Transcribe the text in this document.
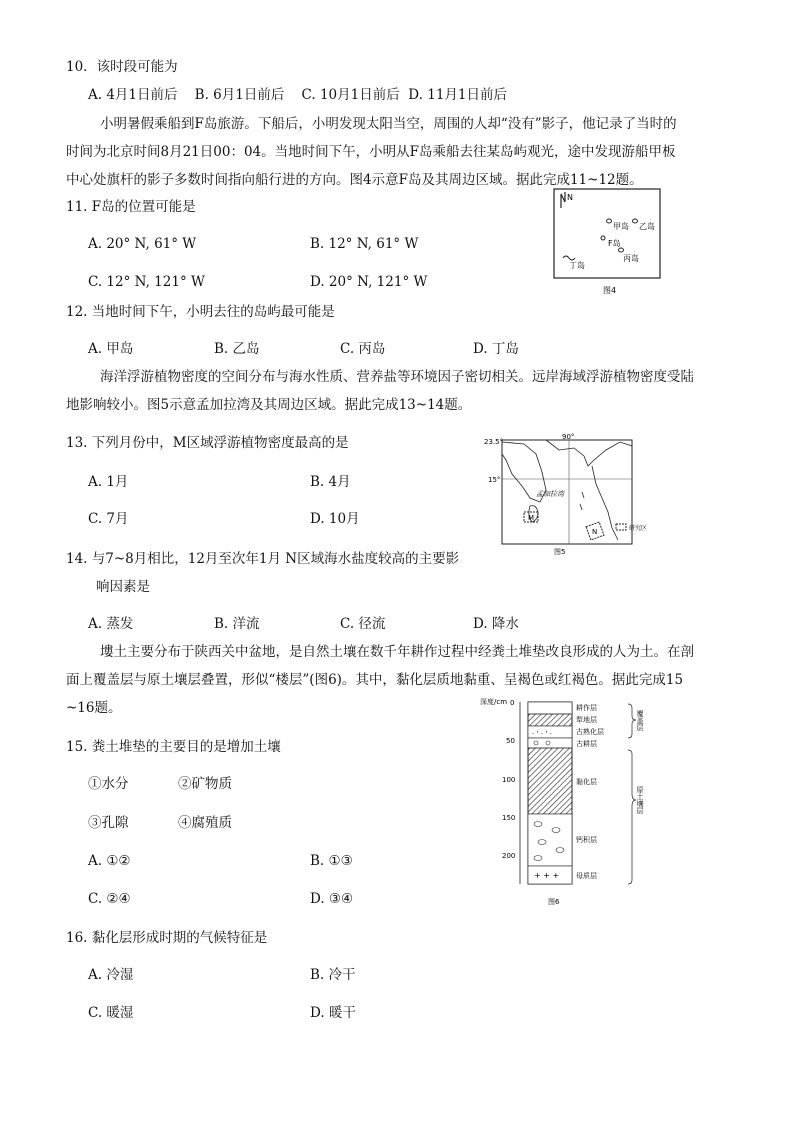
10．该时段可能为
A. 4月1日前后    B. 6月1日前后    C. 10月1日前后  D. 11月1日前后
小明暑假乘船到F岛旅游。下船后，小明发现太阳当空，周围的人却“没有”影子，他记录了当时的
时间为北京时间8月21日00：04。当地时间下午，小明从F岛乘船去往某岛屿观光，途中发现游船甲板
中心处旗杆的影子多数时间指向船行进的方向。图4示意F岛及其周边区域。据此完成11~12题。
11. F岛的位置可能是
A. 20° N, 61° W	B. 12° N, 61° W
C. 12° N, 121° W	D. 20° N, 121° W
N
甲岛 乙岛
F岛
丙岛
丁岛
图4
12. 当地时间下午，小明去往的岛屿最可能是
A. 甲岛	B. 乙岛	C. 丙岛	D. 丁岛
海洋浮游植物密度的空间分布与海水性质、营养盐等环境因子密切相关。远岸海域浮游植物密度受陆
地影响较小。图5示意孟加拉湾及其周边区域。据此完成13~14题。
13. 下列月份中，M区域浮游植物密度最高的是
A. 1月	B. 4月
C. 7月	D. 10月
23.5°
90°
15°
孟加拉湾
M
N	研究区
图5
14. 与7~8月相比，12月至次年1月 N区域海水盐度较高的主要影
响因素是
A. 蒸发	B. 洋流	C. 径流	D. 降水
塿土主要分布于陕西关中盆地，是自然土壤在数千年耕作过程中经粪土堆垫改良形成的人为土。在剖
面上覆盖层与原土壤层叠置，形似“楼层”(图6)。其中，黏化层质地黏重、呈褐色或红褐色。据此完成15
~16题。
15. 粪土堆垫的主要目的是增加土壤
①水分	②矿物质
③孔隙	④腐殖质
A. ①②	B. ①③
C. ②④	D. ③④
深度/cm 0
50
100
150
200
· ʻ · ʻ ·
+ + +
耕作层
犁地层
古熟化层
古耕层
黏化层
钙积层
母质层
覆盖层
原土壤层
图6
16. 黏化层形成时期的气候特征是
A. 冷湿	B. 冷干
C. 暖湿	D. 暖干
